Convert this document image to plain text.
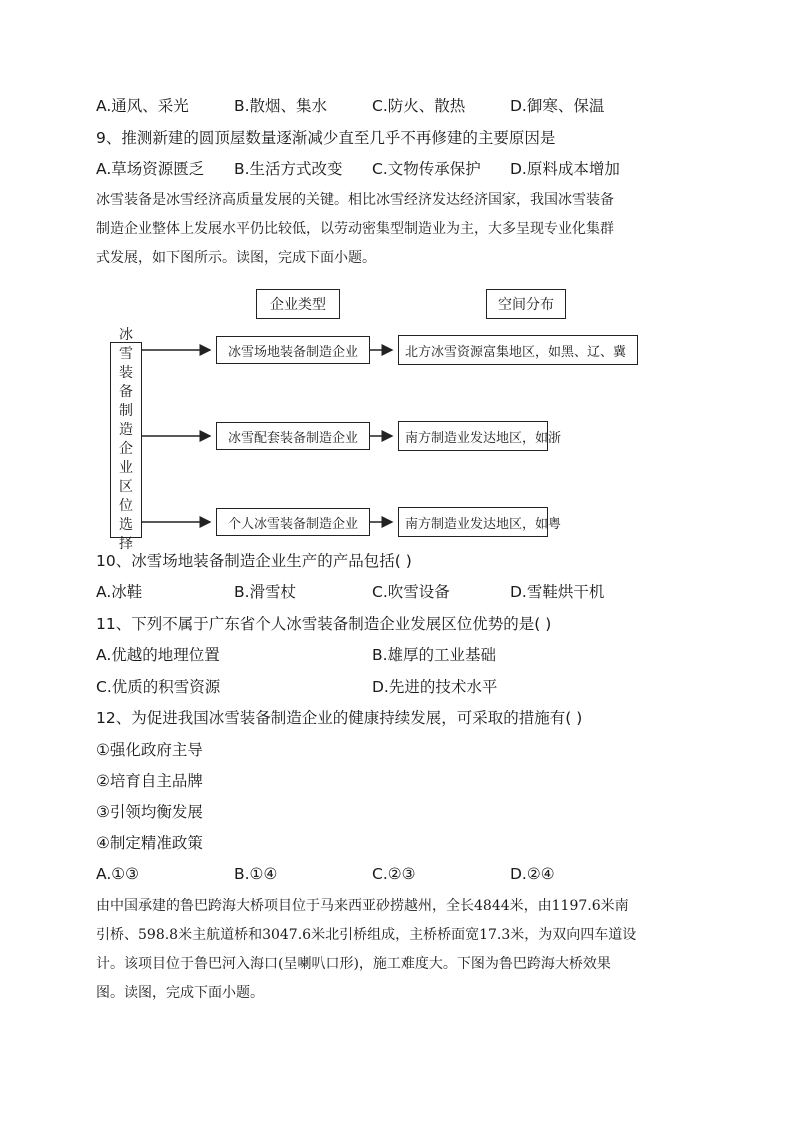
A.通风、采光	B.散烟、集水	C.防火、散热	D.御寒、保温
9、推测新建的圆顶屋数量逐渐减少直至几乎不再修建的主要原因是
A.草场资源匮乏 B.生活方式改变 C.文物传承保护 D.原料成本增加
冰雪装备是冰雪经济高质量发展的关键。相比冰雪经济发达经济国家，我国冰雪装备
制造企业整体上发展水平仍比较低，以劳动密集型制造业为主，大多呈现专业化集群
式发展，如下图所示。读图，完成下面小题。
冰雪装备制造企业区位选择
企业类型	空间分布
冰雪场地装备制造企业
冰雪配套装备制造企业
个人冰雪装备制造企业
北方冰雪资源富集地区，如黑、辽、冀
南方制造业发达地区，如浙
南方制造业发达地区，如粤
10、冰雪场地装备制造企业生产的产品包括( )
A.冰鞋	B.滑雪杖	C.吹雪设备	D.雪鞋烘干机
11、下列不属于广东省个人冰雪装备制造企业发展区位优势的是( )
A.优越的地理位置	B.雄厚的工业基础
C.优质的积雪资源	D.先进的技术水平
12、为促进我国冰雪装备制造企业的健康持续发展，可采取的措施有( )
①强化政府主导
②培育自主品牌
③引领均衡发展
④制定精准政策
A.①③	B.①④	C.②③	D.②④
由中国承建的鲁巴跨海大桥项目位于马来西亚砂捞越州，全长4844米，由1197.6米南
引桥、598.8米主航道桥和3047.6米北引桥组成，主桥桥面宽17.3米，为双向四车道设
计。该项目位于鲁巴河入海口(呈喇叭口形)，施工难度大。下图为鲁巴跨海大桥效果
图。读图，完成下面小题。
